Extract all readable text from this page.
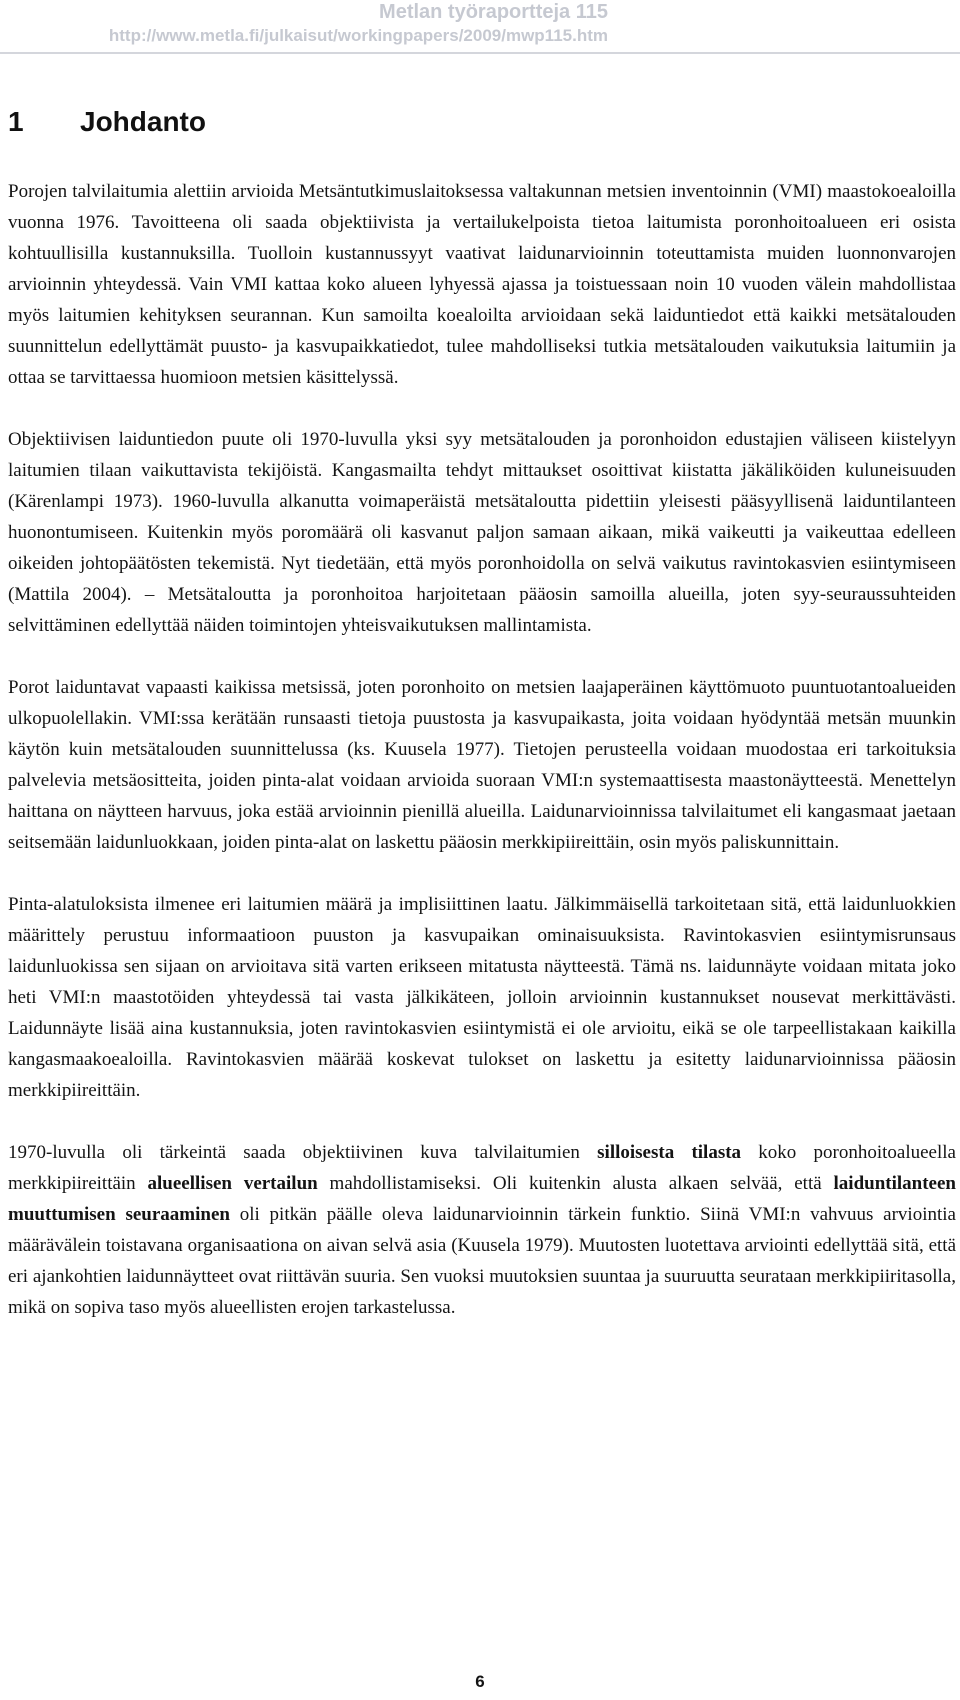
Metlan työraportteja 115
http://www.metla.fi/julkaisut/workingpapers/2009/mwp115.htm
1 Johdanto

Porojen talvilaitumia alettiin arvioida Metsäntutkimuslaitoksessa valtakunnan metsien inventoinnin (VMI) maastokoealoilla vuonna 1976. Tavoitteena oli saada objektiivista ja vertailukelpoista tietoa laitumista poronhoitoalueen eri osista kohtuullisilla kustannuksilla. Tuolloin kustannussyyt vaativat laidunarvioinnin toteuttamista muiden luonnonvarojen arvioinnin yhteydessä. Vain VMI kattaa koko alueen lyhyessä ajassa ja toistuessaan noin 10 vuoden välein mahdollistaa myös laitumien kehityksen seurannan. Kun samoilta koealoilta arvioidaan sekä laiduntiedot että kaikki metsätalouden suunnittelun edellyttämät puusto- ja kasvupaikkatiedot, tulee mahdolliseksi tutkia metsätalouden vaikutuksia laitumiin ja ottaa se tarvittaessa huomioon metsien käsittelyssä.

Objektiivisen laiduntiedon puute oli 1970-luvulla yksi syy metsätalouden ja poronhoidon edustajien väliseen kiistelyyn laitumien tilaan vaikuttavista tekijöistä. Kangasmailta tehdyt mittaukset osoittivat kiistatta jäkäliköiden kuluneisuuden (Kärenlampi 1973). 1960-luvulla alkanutta voimaperäistä metsätaloutta pidettiin yleisesti pääsyyllisenä laiduntilanteen huonontumiseen. Kuitenkin myös poromäärä oli kasvanut paljon samaan aikaan, mikä vaikeutti ja vaikeuttaa edelleen oikeiden johtopäätösten tekemistä. Nyt tiedetään, että myös poronhoidolla on selvä vaikutus ravintokasvien esiintymiseen (Mattila 2004). – Metsätaloutta ja poronhoitoa harjoitetaan pääosin samoilla alueilla, joten syy-seuraussuhteiden selvittäminen edellyttää näiden toimintojen yhteisvaikutuksen mallintamista.

Porot laiduntavat vapaasti kaikissa metsissä, joten poronhoito on metsien laajaperäinen käyttömuoto puuntuotantoalueiden ulkopuolellakin. VMI:ssa kerätään runsaasti tietoja puustosta ja kasvupaikasta, joita voidaan hyödyntää metsän muunkin käytön kuin metsätalouden suunnittelussa (ks. Kuusela 1977). Tietojen perusteella voidaan muodostaa eri tarkoituksia palvelevia metsäositteita, joiden pinta-alat voidaan arvioida suoraan VMI:n systemaattisesta maastonäytteestä. Menettelyn haittana on näytteen harvuus, joka estää arvioinnin pienillä alueilla. Laidunarvioinnissa talvilaitumet eli kangasmaat jaetaan seitsemään laidunluokkaan, joiden pinta-alat on laskettu pääosin merkkipiireittäin, osin myös paliskunnittain.

Pinta-alatuloksista ilmenee eri laitumien määrä ja implisiittinen laatu. Jälkimmäisellä tarkoitetaan sitä, että laidunluokkien määrittely perustuu informaatioon puuston ja kasvupaikan ominaisuuksista. Ravintokasvien esiintymisrunsaus laidunluokissa sen sijaan on arvioitava sitä varten erikseen mitatusta näytteestä. Tämä ns. laidunnäyte voidaan mitata joko heti VMI:n maastotöiden yhteydessä tai vasta jälkikäteen, jolloin arvioinnin kustannukset nousevat merkittävästi. Laidunnäyte lisää aina kustannuksia, joten ravintokasvien esiintymistä ei ole arvioitu, eikä se ole tarpeellistakaan kaikilla kangasmaakoealoilla. Ravintokasvien määrää koskevat tulokset on laskettu ja esitetty laidunarvioinnissa pääosin merkkipiireittäin.

1970-luvulla oli tärkeintä saada objektiivinen kuva talvilaitumien silloisesta tilasta koko poronhoitoalueella merkkipiireittäin alueellisen vertailun mahdollistamiseksi. Oli kuitenkin alusta alkaen selvää, että laiduntilanteen muuttumisen seuraaminen oli pitkän päälle oleva laidunarvioinnin tärkein funktio. Siinä VMI:n vahvuus arviointia määrävälein toistavana organisaationa on aivan selvä asia (Kuusela 1979). Muutosten luotettava arviointi edellyttää sitä, että eri ajankohtien laidunnäytteet ovat riittävän suuria. Sen vuoksi muutoksien suuntaa ja suuruutta seurataan merkkipiiritasolla, mikä on sopiva taso myös alueellisten erojen tarkastelussa.

6
